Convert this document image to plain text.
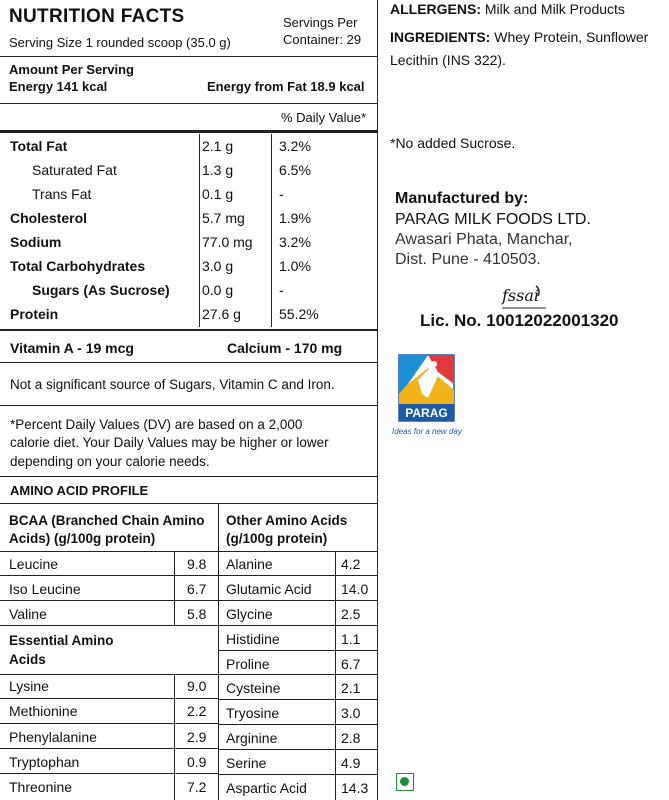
NUTRITION FACTS
Serving Size 1 rounded scoop (35.0 g)
Servings Per
Container: 29
Amount Per Serving
Energy 141 kcal	Energy from Fat 18.9 kcal
% Daily Value*
Total Fat	2.1 g	3.2%
Saturated Fat	1.3 g	6.5%
Trans Fat	0.1 g	-
Cholesterol	5.7 mg 1.9%
Sodium	77.0 mg 3.2%
Total Carbohydrates	3.0 g	1.0%
Sugars (As Sucrose) 0.0 g	-
Protein	27.6 g	55.2%
Vitamin A - 19 mcg	Calcium - 170 mg
Not a significant source of Sugars, Vitamin C and Iron.
*Percent Daily Values (DV) are based on a 2,000
calorie diet. Your Daily Values may be higher or lower
depending on your calorie needs.
AMINO ACID PROFILE
BCAA (Branched Chain Amino
Acids) (g/100g protein)
Other Amino Acids
(g/100g protein)
Leucine	9.8
Iso Leucine	6.7
Valine	5.8
Essential Amino
Acids
Lysine	9.0
Methionine	2.2
Phenylalanine	2.9
Tryptophan	0.9
Threonine	7.2
Alanine	4.2
Glutamic Acid 14.0
Glycine	2.5
Histidine	1.1
Proline	6.7
Cysteine	2.1
Tryosine	3.0
Arginine	2.8
Serine	4.9
Aspartic Acid 14.3
ALLERGENS: Milk and Milk Products
INGREDIENTS: Whey Protein, Sunflower
Lecithin (INS 322).
*No added Sucrose.
Manufactured by:
PARAG MILK FOODS LTD.
Awasari Phata, Manchar,
Dist. Pune - 410503.
fssai
Lic. No. 10012022001320
PARAG
Ideas for a new day
